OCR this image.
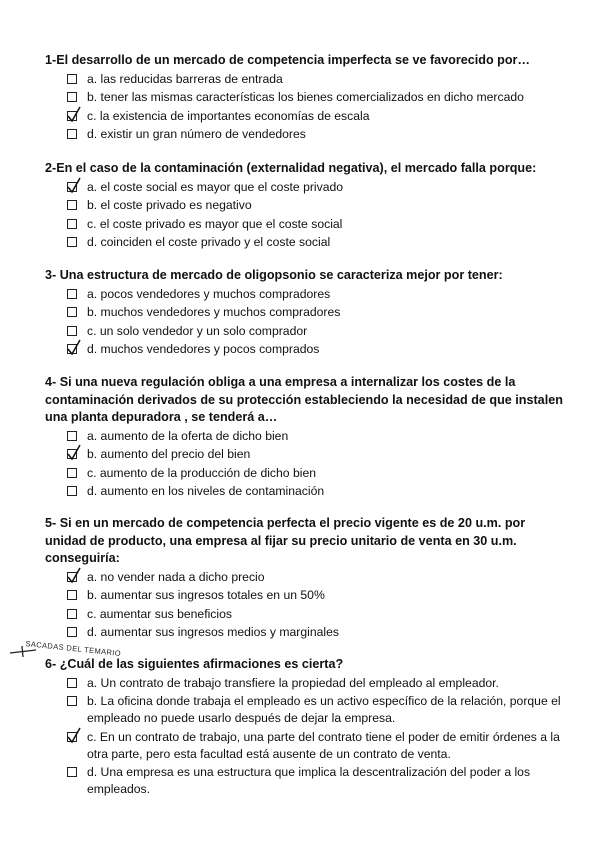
1-El desarrollo de un mercado de competencia imperfecta se ve favorecido por…
a. las reducidas barreras de entrada
b. tener las mismas características los bienes comercializados en dicho mercado
c. la existencia de importantes economías de escala
d. existir un gran número de vendedores
2-En el caso de la contaminación (externalidad negativa), el mercado falla porque:
a. el coste social es mayor que el coste privado
b. el coste privado es negativo
c. el coste privado es mayor que el coste social
d. coinciden el coste privado y el coste social
3- Una estructura de mercado de oligopsonio se caracteriza mejor por tener:
a. pocos vendedores y muchos compradores
b. muchos vendedores y muchos compradores
c. un solo vendedor y un solo comprador
d. muchos vendedores y pocos comprados
4- Si una nueva regulación obliga a una empresa a internalizar los costes de la contaminación derivados de su protección estableciendo la necesidad de que instalen una planta depuradora , se tenderá a…
a. aumento de la oferta de dicho bien
b. aumento del precio del bien
c. aumento de la producción de dicho bien
d. aumento en los niveles de contaminación
5- Si en un mercado de competencia perfecta el precio vigente es de 20 u.m. por unidad de producto, una empresa al fijar su precio unitario de venta en 30 u.m. conseguiría:
a. no vender nada a dicho precio
b. aumentar sus ingresos totales en un 50%
c. aumentar sus beneficios
d. aumentar sus ingresos medios y marginales
SACADAS DEL TEMARIO
6- ¿Cuál de las siguientes afirmaciones es cierta?
a. Un contrato de trabajo transfiere la propiedad del empleado al empleador.
b. La oficina donde trabaja el empleado es un activo específico de la relación, porque el empleado no puede usarlo después de dejar la empresa.
c. En un contrato de trabajo, una parte del contrato tiene el poder de emitir órdenes a la otra parte, pero esta facultad está ausente de un contrato de venta.
d. Una empresa es una estructura que implica la descentralización del poder a los empleados.
